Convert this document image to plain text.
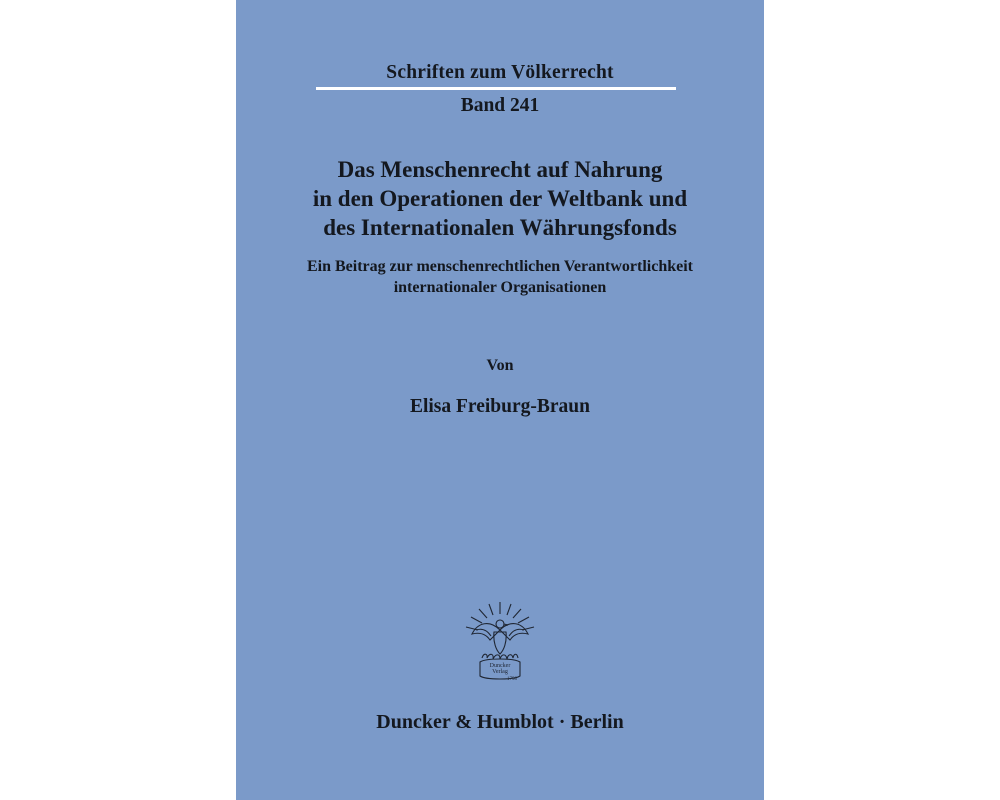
Schriften zum Völkerrecht
Band 241
Das Menschenrecht auf Nahrung
in den Operationen der Weltbank und
des Internationalen Währungsfonds
Ein Beitrag zur menschenrechtlichen Verantwortlichkeit
internationaler Organisationen
Von
Elisa Freiburg-Braun
Duncker
Verlag
1798
Duncker & Humblot · Berlin
